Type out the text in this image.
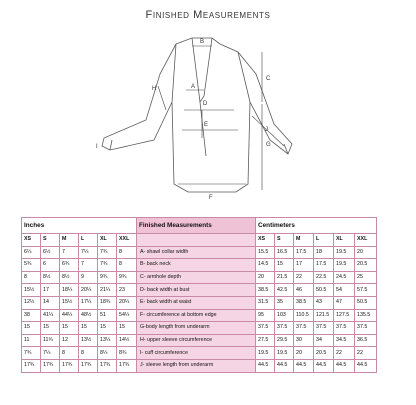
Finished Measurements
B
A
D
E
F
C
G
H
I
J
Inches						Finished Measurements	Centimeters					
XS	S	M	L	XL	XXL		XS	S	M	L	XL	XXL
6¼	6½	7	7¼	7¾	8	A- shawl collar width	15.5	16.5	17.5	18	19.5	20
5¾	6	6¾	7	7¾	8	B- back neck	14.5	15	17	17.5	19.5	20.5
8	8½	8½	9	9¾	9¾	C- armhole depth	20	21.5	22	22.5	24.5	25
15½	17	18¼	20¼	21¼	23	D- back width at bust	38.5	42.5	46	50.5	54	57.5
12½	14	15½	17¼	18¾	20¼	E- back width at waist	31.5	35	38.5	43	47	50.5
38	41¼	44¼	48½	51	54¼	F- circumference at bottom edge	95	103	110.5	121.5	127.5	135.5
15	15	15	15	15	15	G-body length from underarm	37.5	37.5	37.5	37.5	37.5	37.5
11	11¾	12	13½	13¼	14½	H- upper sleeve circumference	27.5	29.5	30	34	34.5	36.5
7¾	7¼	8	8	8¼	8¾	I- cuff circumference	19.5	19.5	20	20.5	22	22
17¾	17¾	17¾	17¾	17¾	17¾	J- sleeve length from underarm	44.5	44.5	44.5	44.5	44.5	44.5
